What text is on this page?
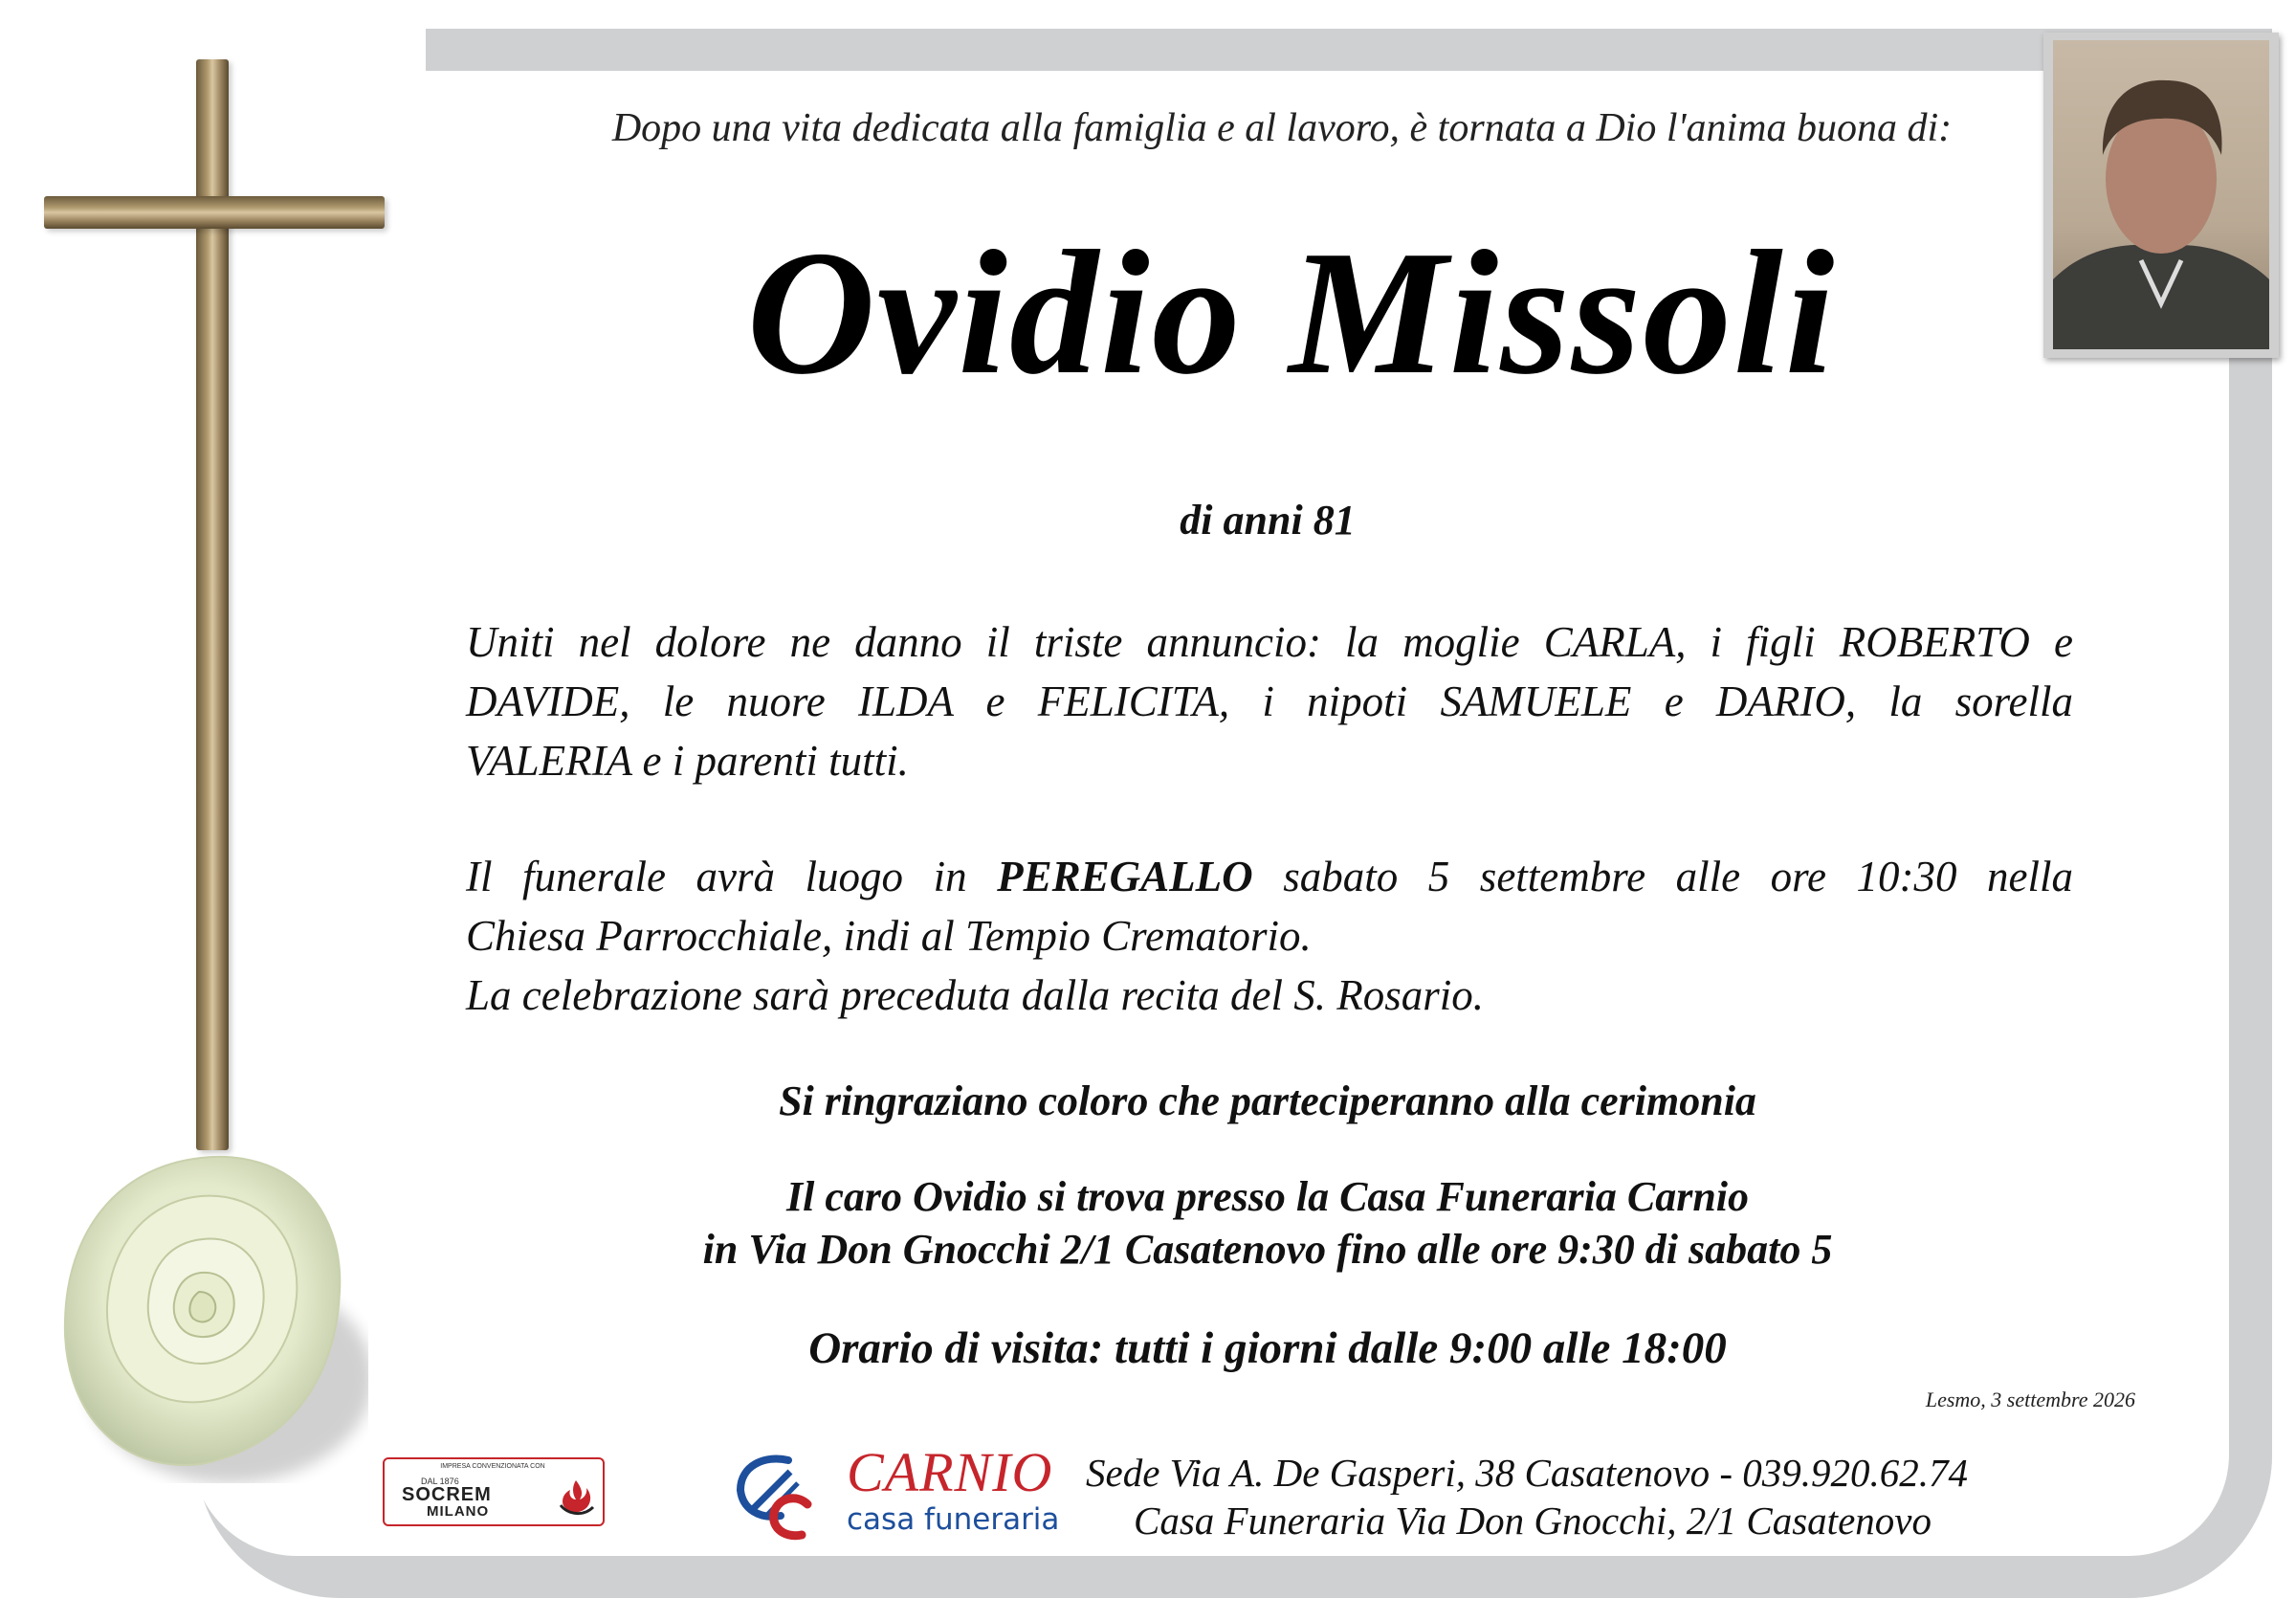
Dopo una vita dedicata alla famiglia e al lavoro, è tornata a Dio l'anima buona di:
Ovidio Missoli
di anni 81
Uniti nel dolore ne danno il triste annuncio: la moglie CARLA, i figli ROBERTO e
DAVIDE, le nuore ILDA e FELICITA, i nipoti SAMUELE e DARIO, la sorella
VALERIA e i parenti tutti.
Il funerale avrà luogo in PEREGALLO sabato 5 settembre alle ore 10:30 nella
Chiesa Parrocchiale, indi al Tempio Crematorio.
La celebrazione sarà preceduta dalla recita del S. Rosario.
Si ringraziano coloro che parteciperanno alla cerimonia
Il caro Ovidio si trova presso la Casa Funeraria Carnio
in Via Don Gnocchi 2/1 Casatenovo fino alle ore 9:30 di sabato 5
Orario di visita: tutti i giorni dalle 9:00 alle 18:00
Lesmo, 3 settembre 2026
IMPRESA CONVENZIONATA CON
DAL 1876
SOCREM
MILANO
CARNIO
casa funeraria
Sede Via A. De Gasperi, 38 Casatenovo - 039.920.62.74
Casa Funeraria Via Don Gnocchi, 2/1 Casatenovo
